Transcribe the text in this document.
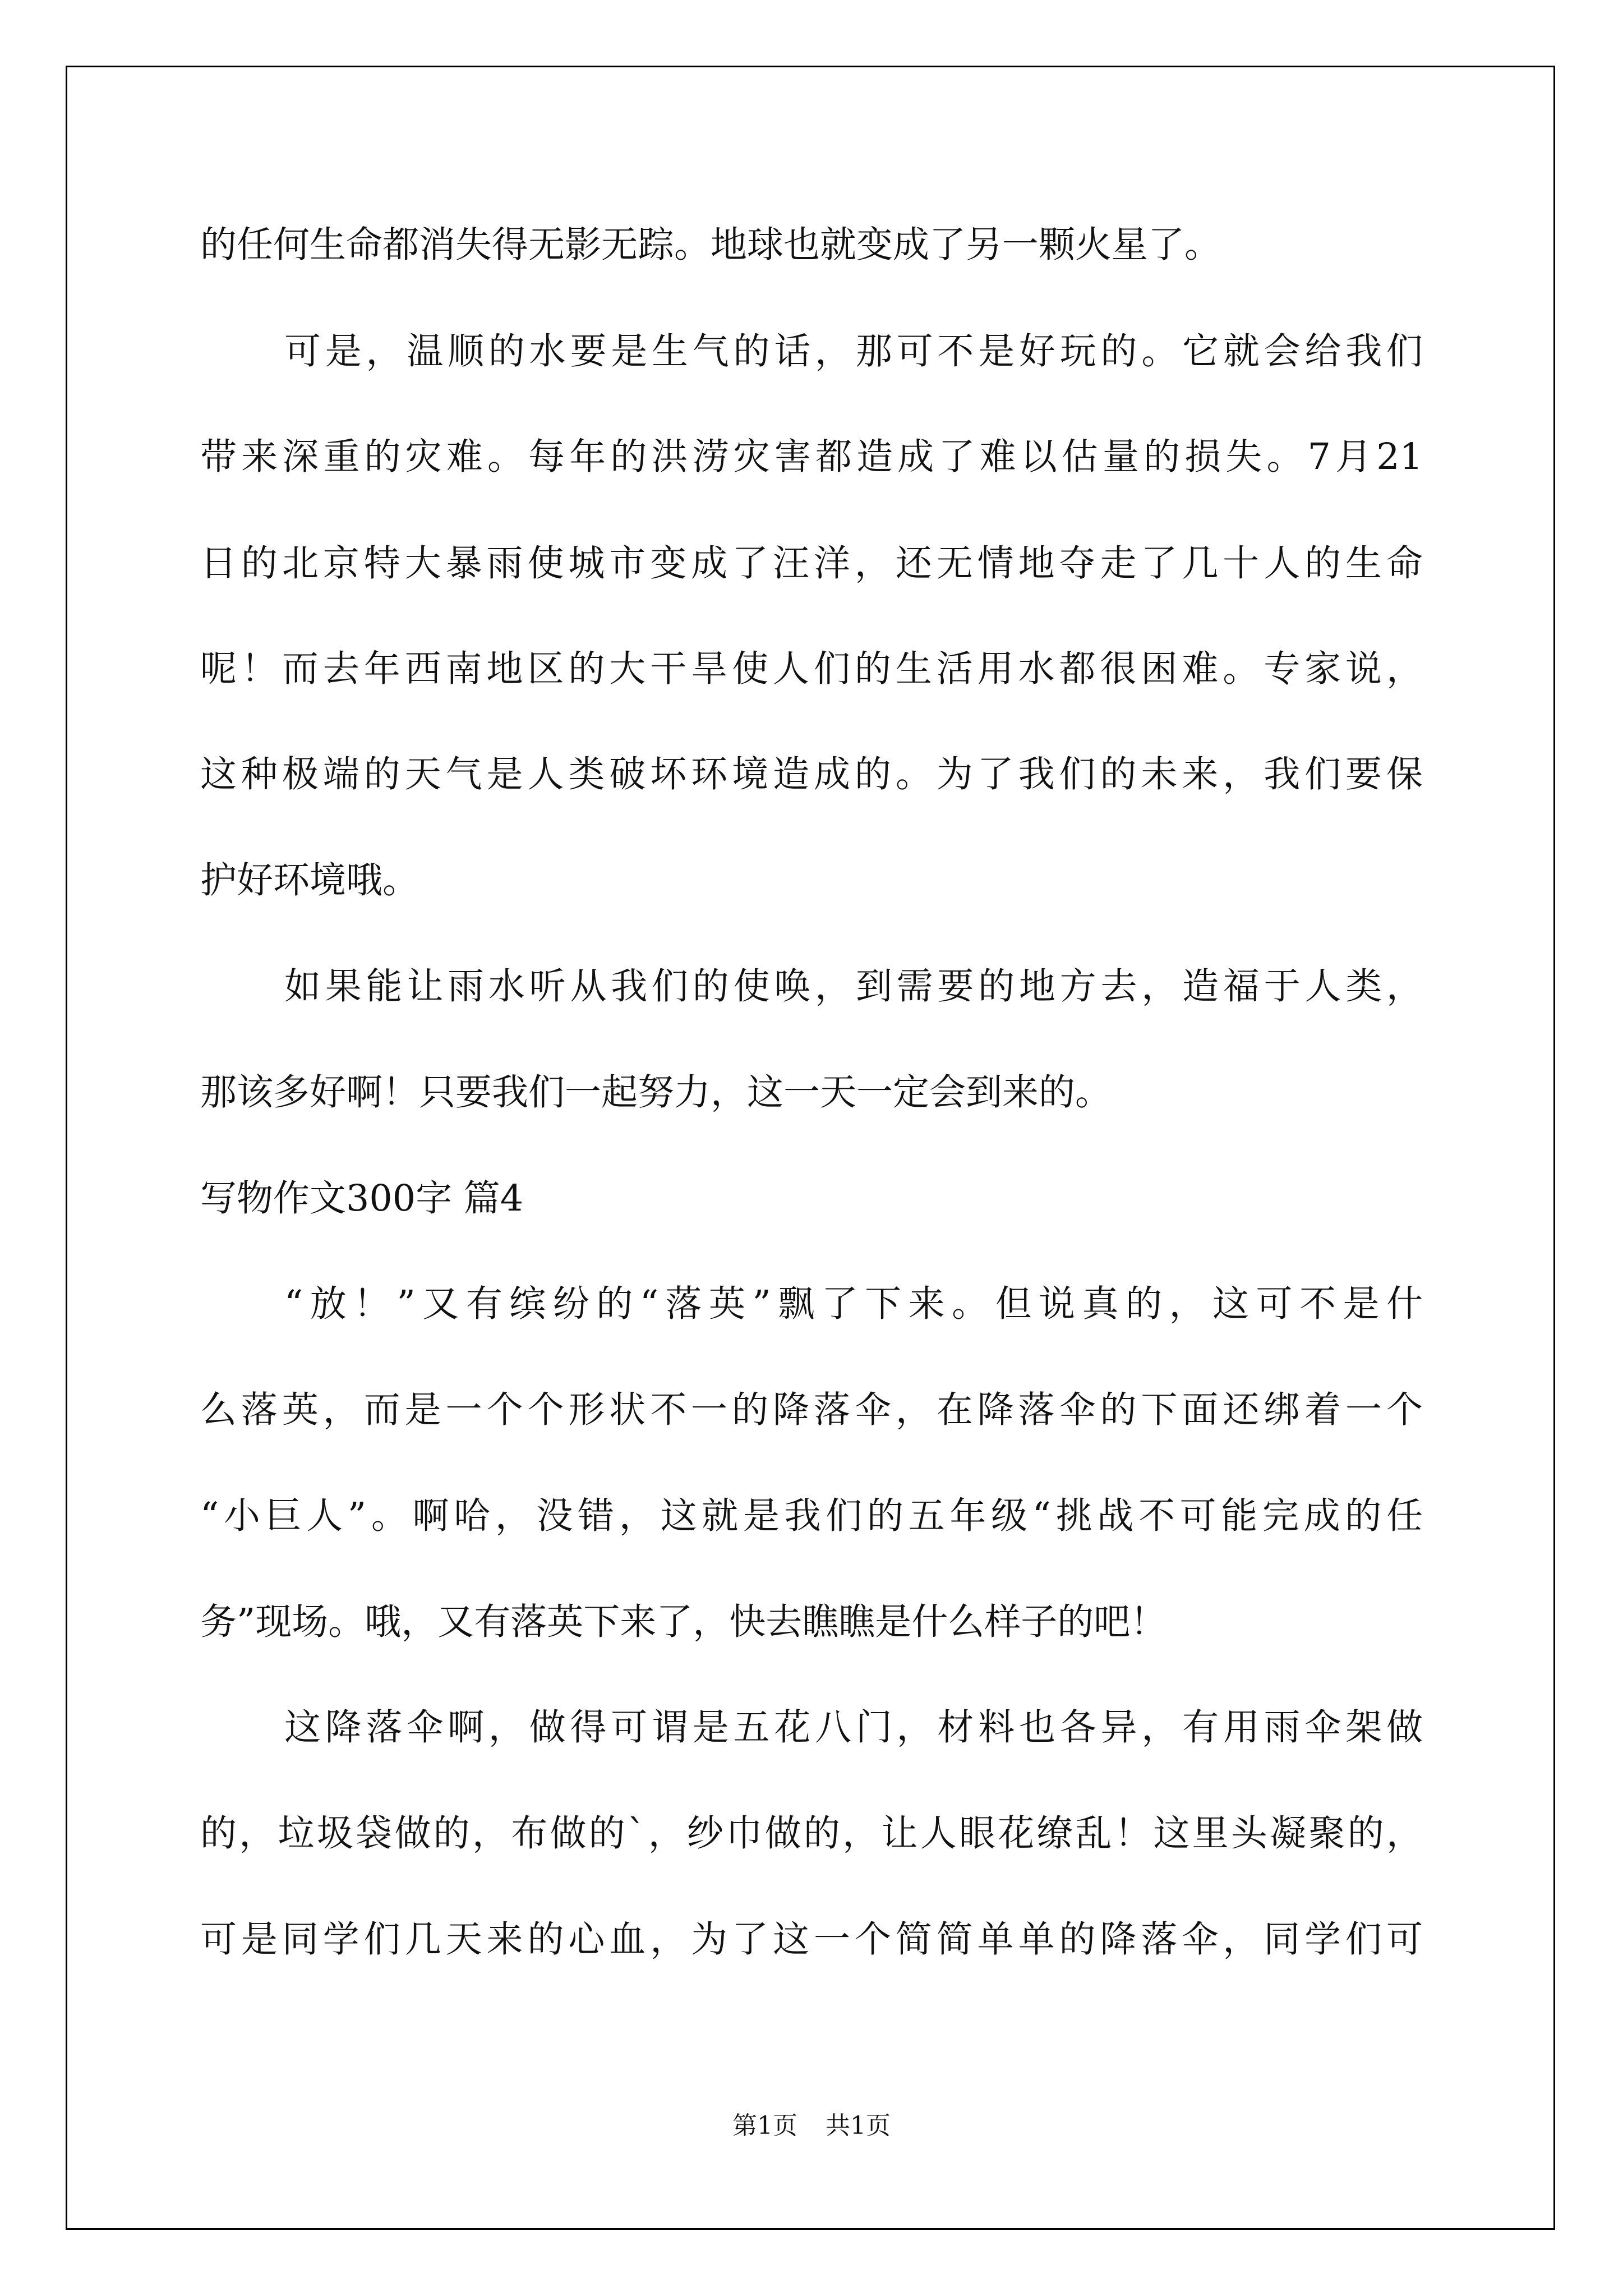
的任何生命都消失得无影无踪。地球也就变成了另一颗火星了。
可是，温顺的水要是生气的话，那可不是好玩的。它就会给我们
带来深重的灾难。每年的洪涝灾害都造成了难以估量的损失。7月21
日的北京特大暴雨使城市变成了汪洋，还无情地夺走了几十人的生命
呢！而去年西南地区的大干旱使人们的生活用水都很困难。专家说，
这种极端的天气是人类破坏环境造成的。为了我们的未来，我们要保
护好环境哦。
如果能让雨水听从我们的使唤，到需要的地方去，造福于人类，
那该多好啊！只要我们一起努力，这一天一定会到来的。
写物作文300字 篇4
“放！”又有缤纷的“落英”飘了下来。但说真的，这可不是什
么落英，而是一个个形状不一的降落伞，在降落伞的下面还绑着一个
“小巨人”。啊哈，没错，这就是我们的五年级“挑战不可能完成的任
务”现场。哦，又有落英下来了，快去瞧瞧是什么样子的吧！
这降落伞啊，做得可谓是五花八门，材料也各异，有用雨伞架做
的，垃圾袋做的，布做的`，纱巾做的，让人眼花缭乱！这里头凝聚的，
可是同学们几天来的心血，为了这一个简简单单的降落伞，同学们可
第1页 共1页
